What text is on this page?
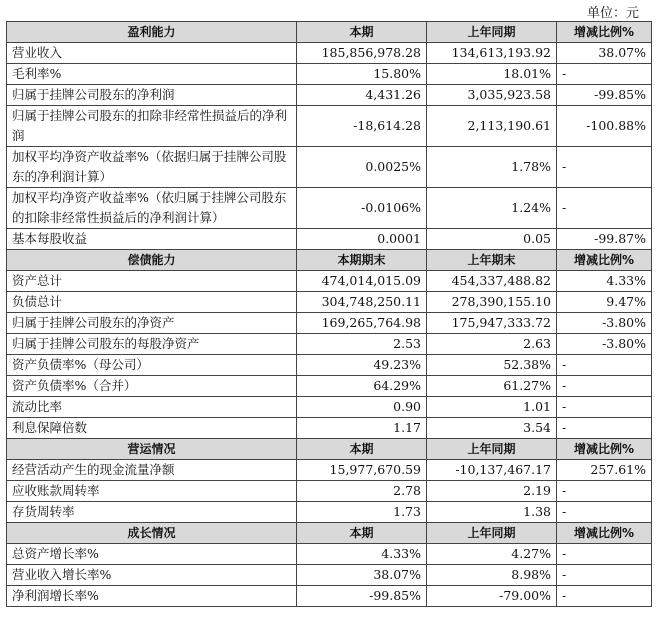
单位：元
盈利能力	本期	上年同期	增减比例%
营业收入	185,856,978.28	134,613,193.92	38.07%
毛利率%	15.80%	18.01%	-
归属于挂牌公司股东的净利润	4,431.26	3,035,923.58	-99.85%
归属于挂牌公司股东的扣除非经常性损益后的净利润	-18,614.28	2,113,190.61	-100.88%
加权平均净资产收益率%（依据归属于挂牌公司股东的净利润计算）	0.0025%	1.78%	-
加权平均净资产收益率%（依归属于挂牌公司股东的扣除非经常性损益后的净利润计算）	-0.0106%	1.24%	-
基本每股收益	0.0001	0.05	-99.87%
偿债能力	本期期末	上年期末	增减比例%
资产总计	474,014,015.09	454,337,488.82	4.33%
负债总计	304,748,250.11	278,390,155.10	9.47%
归属于挂牌公司股东的净资产	169,265,764.98	175,947,333.72	-3.80%
归属于挂牌公司股东的每股净资产	2.53	2.63	-3.80%
资产负债率%（母公司）	49.23%	52.38%	-
资产负债率%（合并）	64.29%	61.27%	-
流动比率	0.90	1.01	-
利息保障倍数	1.17	3.54	-
营运情况	本期	上年同期	增减比例%
经营活动产生的现金流量净额	15,977,670.59	-10,137,467.17	257.61%
应收账款周转率	2.78	2.19	-
存货周转率	1.73	1.38	-
成长情况	本期	上年同期	增减比例%
总资产增长率%	4.33%	4.27%	-
营业收入增长率%	38.07%	8.98%	-
净利润增长率%	-99.85%	-79.00%	-
